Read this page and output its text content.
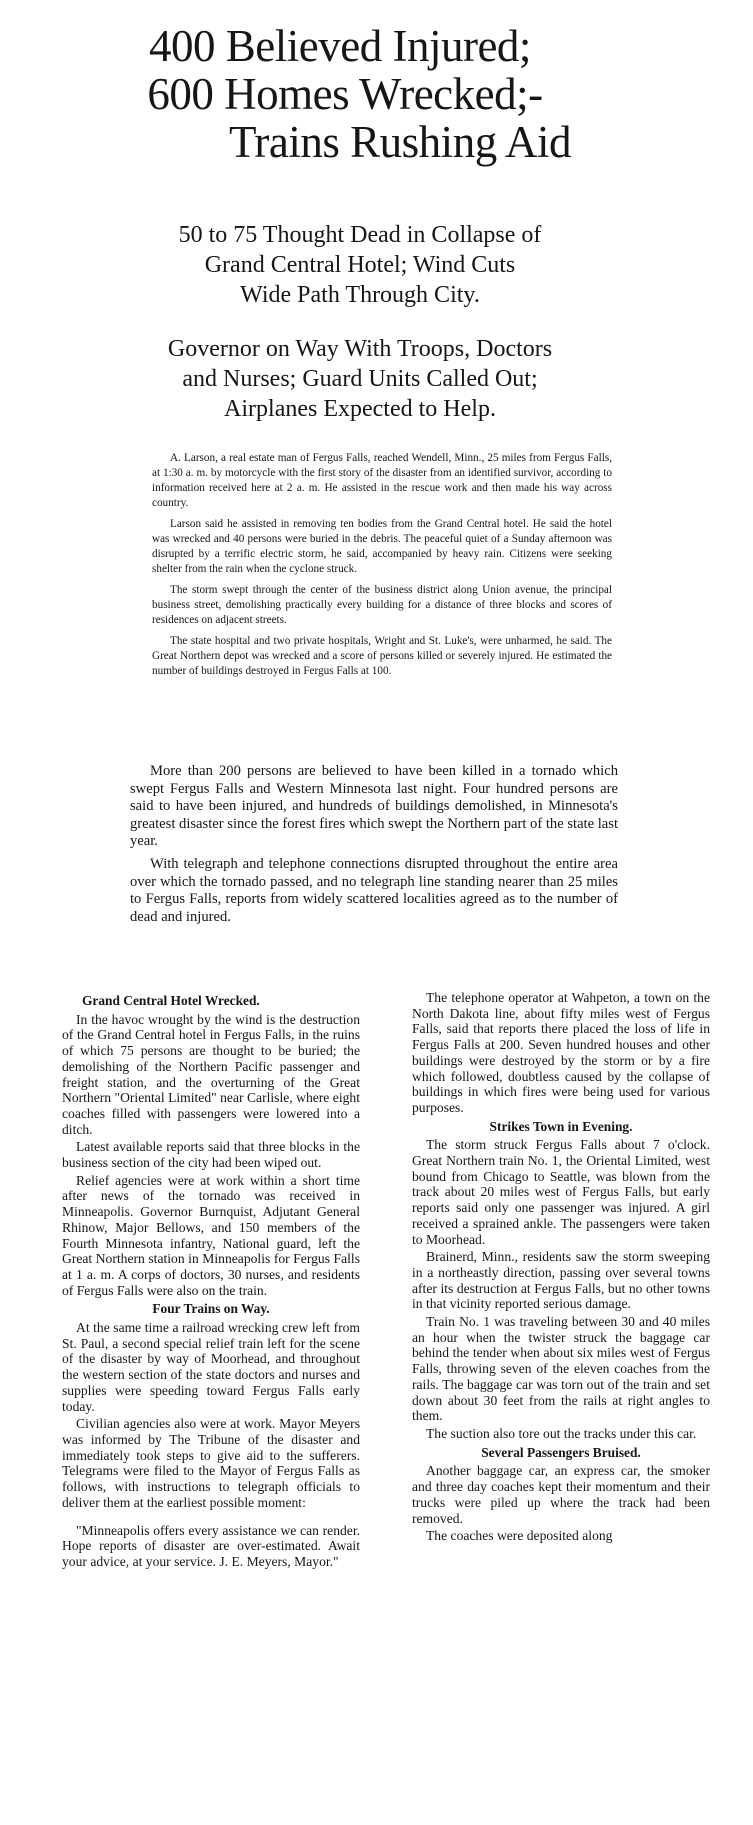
400 Believed Injured;
600 Homes Wrecked;-
Trains Rushing Aid
50 to 75 Thought Dead in Collapse of
Grand Central Hotel; Wind Cuts
Wide Path Through City.
Governor on Way With Troops, Doctors
and Nurses; Guard Units Called Out;
Airplanes Expected to Help.

A. Larson, a real estate man of Fergus Falls, reached Wendell, Minn., 25 miles from Fergus Falls, at 1:30 a. m. by motorcycle with the first story of the disaster from an identified survivor, according to information received here at 2 a. m. He assisted in the rescue work and then made his way across country.

Larson said he assisted in removing ten bodies from the Grand Central hotel. He said the hotel was wrecked and 40 persons were buried in the debris. The peaceful quiet of a Sunday afternoon was disrupted by a terrific electric storm, he said, accompanied by heavy rain. Citizens were seeking shelter from the rain when the cyclone struck.

The storm swept through the center of the business district along Union avenue, the principal business street, demolishing practically every building for a distance of three blocks and scores of residences on adjacent streets.

The state hospital and two private hospitals, Wright and St. Luke's, were unharmed, he said. The Great Northern depot was wrecked and a score of persons killed or severely injured. He estimated the number of buildings destroyed in Fergus Falls at 100.

More than 200 persons are believed to have been killed in a tornado which swept Fergus Falls and Western Minnesota last night. Four hundred persons are said to have been injured, and hundreds of buildings demolished, in Minnesota's greatest disaster since the forest fires which swept the Northern part of the state last year.

With telegraph and telephone connections disrupted throughout the entire area over which the tornado passed, and no telegraph line standing nearer than 25 miles to Fergus Falls, reports from widely scattered localities agreed as to the number of dead and injured.

Grand Central Hotel Wrecked.

In the havoc wrought by the wind is the destruction of the Grand Central hotel in Fergus Falls, in the ruins of which 75 persons are thought to be buried; the demolishing of the Northern Pacific passenger and freight station, and the overturning of the Great Northern "Oriental Limited" near Carlisle, where eight coaches filled with passengers were lowered into a ditch.

Latest available reports said that three blocks in the business section of the city had been wiped out.

Relief agencies were at work within a short time after news of the tornado was received in Minneapolis. Governor Burnquist, Adjutant General Rhinow, Major Bellows, and 150 members of the Fourth Minnesota infantry, National guard, left the Great Northern station in Minneapolis for Fergus Falls at 1 a. m. A corps of doctors, 30 nurses, and residents of Fergus Falls were also on the train.

Four Trains on Way.

At the same time a railroad wrecking crew left from St. Paul, a second special relief train left for the scene of the disaster by way of Moorhead, and throughout the western section of the state doctors and nurses and supplies were speeding toward Fergus Falls early today.

Civilian agencies also were at work. Mayor Meyers was informed by The Tribune of the disaster and immediately took steps to give aid to the sufferers. Telegrams were filed to the Mayor of Fergus Falls as follows, with instructions to telegraph officials to deliver them at the earliest possible moment:

"Minneapolis offers every assistance we can render. Hope reports of disaster are over-estimated. Await your advice, at your service. J. E. Meyers, Mayor."

The telephone operator at Wahpeton, a town on the North Dakota line, about fifty miles west of Fergus Falls, said that reports there placed the loss of life in Fergus Falls at 200. Seven hundred houses and other buildings were destroyed by the storm or by a fire which followed, doubtless caused by the collapse of buildings in which fires were being used for various purposes.

Strikes Town in Evening.

The storm struck Fergus Falls about 7 o'clock. Great Northern train No. 1, the Oriental Limited, west bound from Chicago to Seattle, was blown from the track about 20 miles west of Fergus Falls, but early reports said only one passenger was injured. A girl received a sprained ankle. The passengers were taken to Moorhead.

Brainerd, Minn., residents saw the storm sweeping in a northeastly direction, passing over several towns after its destruction at Fergus Falls, but no other towns in that vicinity reported serious damage.

Train No. 1 was traveling between 30 and 40 miles an hour when the twister struck the baggage car behind the tender when about six miles west of Fergus Falls, throwing seven of the eleven coaches from the rails. The baggage car was torn out of the train and set down about 30 feet from the rails at right angles to them.

The suction also tore out the tracks under this car.

Several Passengers Bruised.

Another baggage car, an express car, the smoker and three day coaches kept their momentum and their trucks were piled up where the track had been removed.

The coaches were deposited along
